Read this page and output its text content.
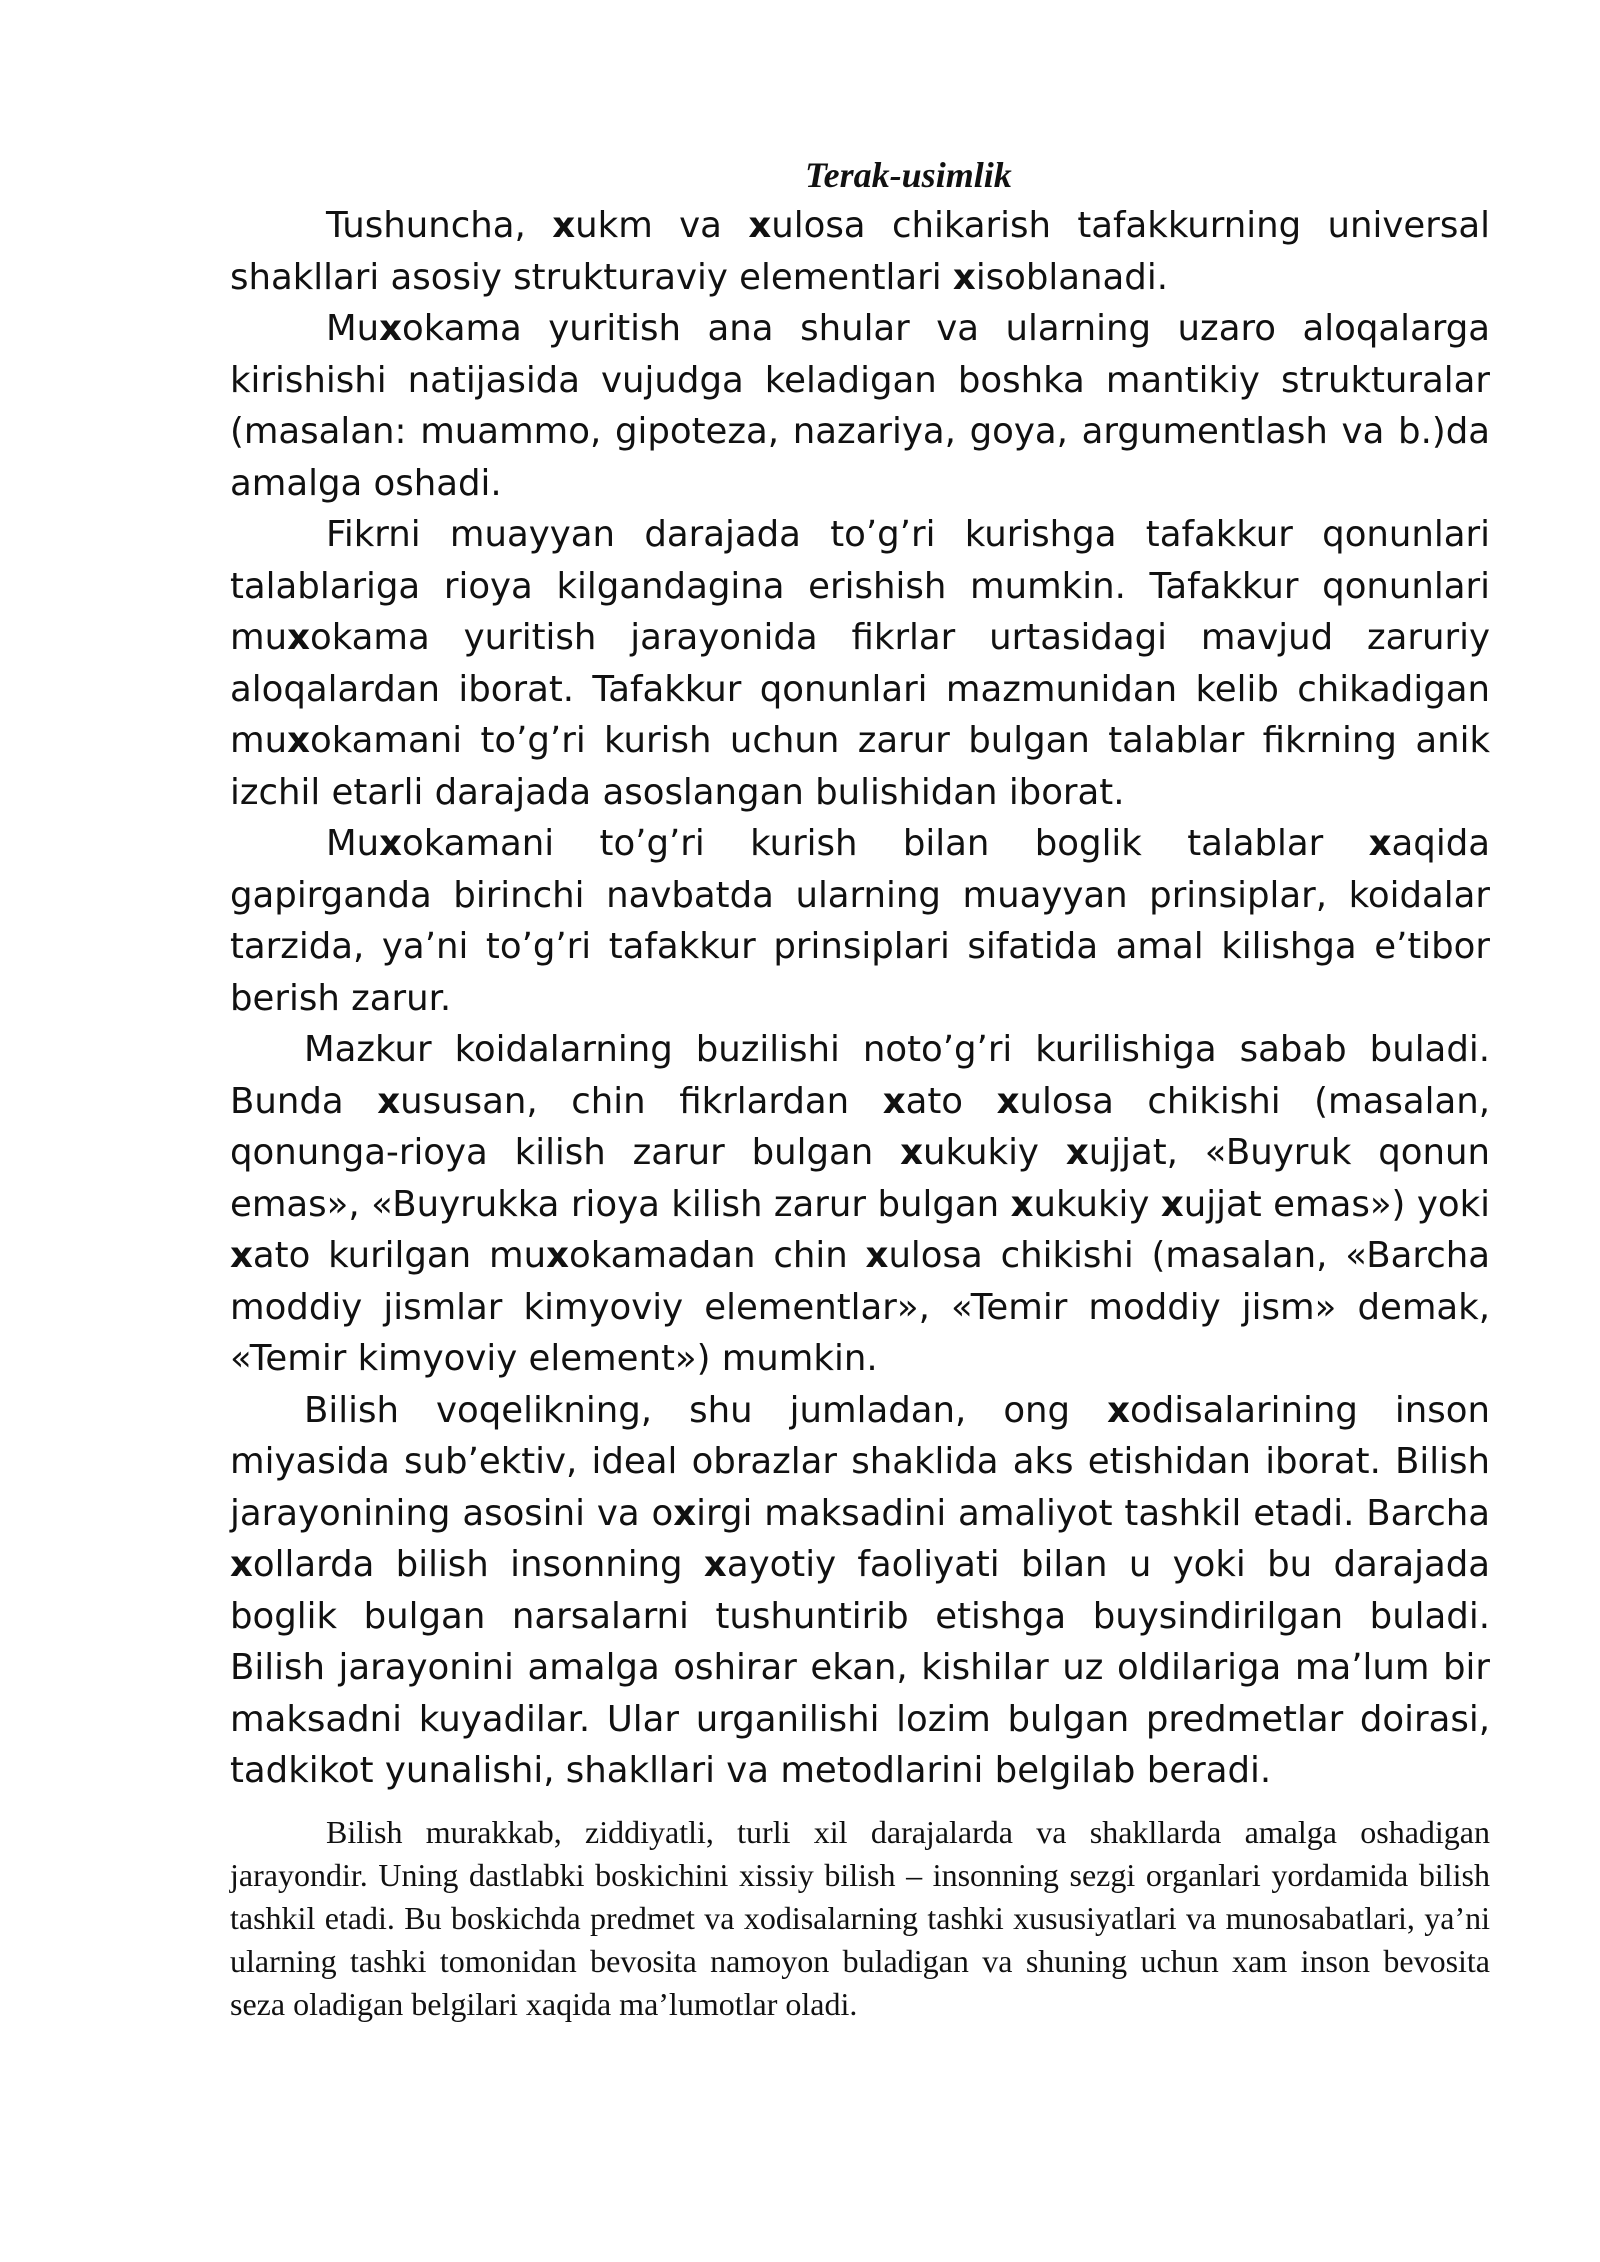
Terak-usimlik

Tushuncha, xukm va xulosa chikarish tafakkurning universal shakllari asosiy strukturaviy elementlari xisoblanadi.

Muxokama yuritish ana shular va ularning uzaro aloqalarga kirishishi natijasida vujudga keladigan boshka mantikiy strukturalar (masalan: muammo, gipoteza, nazariya, goya, argumentlash va b.)da amalga oshadi.

Fikrni muayyan darajada to’g’ri kurishga tafakkur qonunlari talablariga rioya kilgandagina erishish mumkin. Tafakkur qonunlari muxokama yuritish jarayonida fikrlar urtasidagi mavjud zaruriy aloqalardan iborat. Tafakkur qonunlari mazmunidan kelib chikadigan muxokamani to’g’ri kurish uchun zarur bulgan talablar fikrning anik izchil etarli darajada asoslangan bulishidan iborat.

Muxokamani to’g’ri kurish bilan boglik talablar xaqida gapirganda birinchi navbatda ularning muayyan prinsiplar, koidalar tarzida, ya’ni to’g’ri tafakkur prinsiplari sifatida amal kilishga e’tibor berish zarur.

Mazkur koidalarning buzilishi noto’g’ri kurilishiga sabab buladi. Bunda xususan, chin fikrlardan xato xulosa chikishi (masalan, qonunga-rioya kilish zarur bulgan xukukiy xujjat, «Buyruk qonun emas», «Buyrukka rioya kilish zarur bulgan xukukiy xujjat emas») yoki xato kurilgan muxokamadan chin xulosa chikishi (masalan, «Barcha moddiy jismlar kimyoviy elementlar», «Temir moddiy jism» demak, «Temir kimyoviy element») mumkin.

Bilish voqelikning, shu jumladan, ong xodisalarining inson miyasida sub’ektiv, ideal obrazlar shaklida aks etishidan iborat. Bilish jarayonining asosini va oxirgi maksadini amaliyot tashkil etadi. Barcha xollarda bilish insonning xayotiy faoliyati bilan u yoki bu darajada boglik bulgan narsalarni tushuntirib etishga buysindirilgan buladi. Bilish jarayonini amalga oshirar ekan, kishilar uz oldilariga ma’lum bir maksadni kuyadilar. Ular urganilishi lozim bulgan predmetlar doirasi, tadkikot yunalishi, shakllari va metodlarini belgilab beradi.

Bilish murakkab, ziddiyatli, turli xil darajalarda va shakllarda amalga oshadigan jarayondir. Uning dastlabki boskichini xissiy bilish – insonning sezgi organlari yordamida bilish tashkil etadi. Bu boskichda predmet va xodisalarning tashki xususiyatlari va munosabatlari, ya’ni ularning tashki tomonidan bevosita namoyon buladigan va shuning uchun xam inson bevosita seza oladigan belgilari xaqida ma’lumotlar oladi.
